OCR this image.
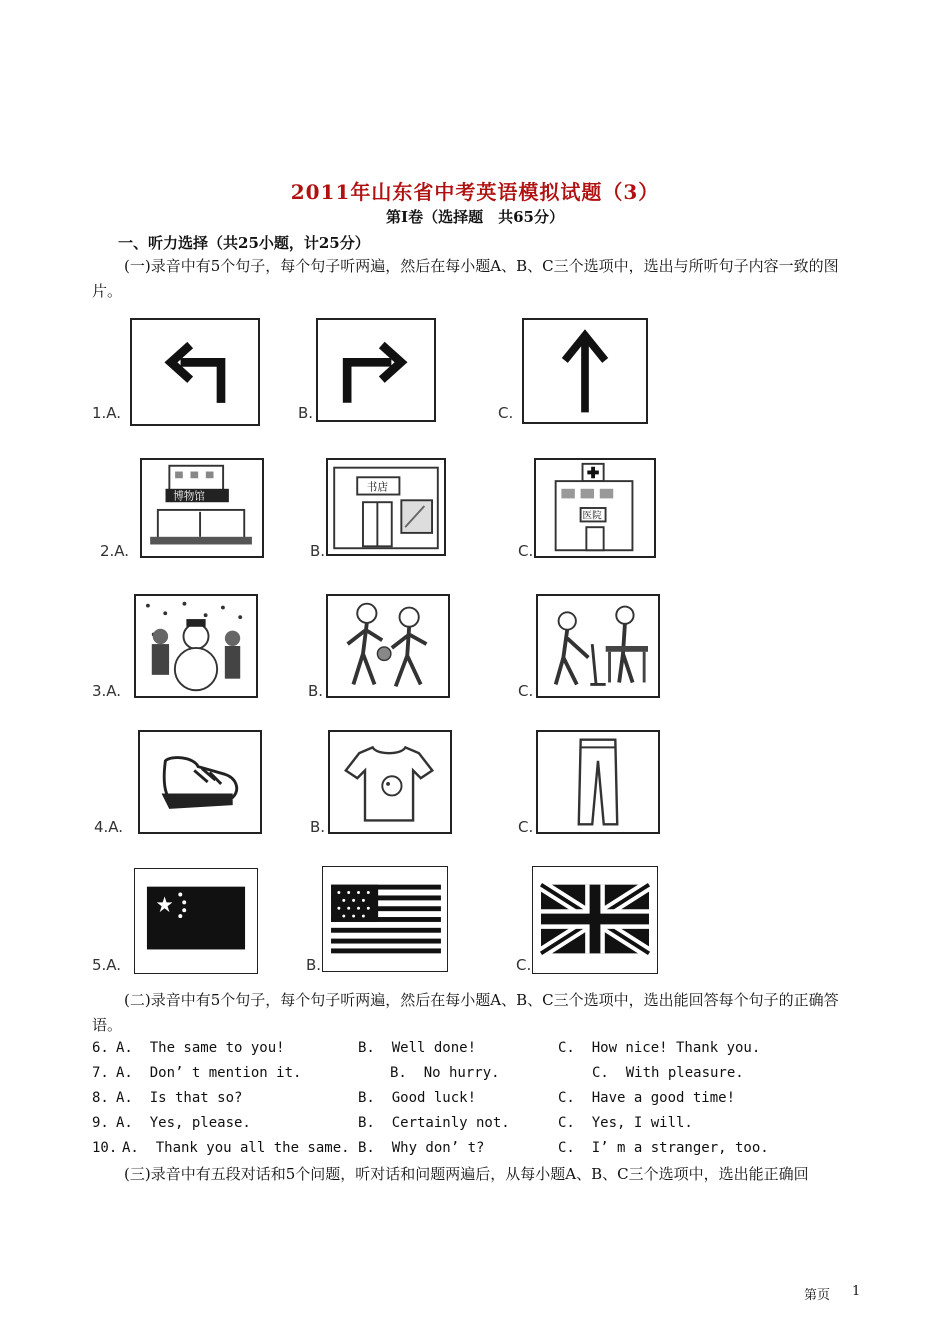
2011年山东省中考英语模拟试题（3）
第Ⅰ卷（选择题　共65分）
一、听力选择（共25小题，计25分）
(一)录音中有5个句子，每个句子听两遍，然后在每小题A、B、C三个选项中，选出与所听句子内容一致的图片。
1.A.	B.	C.
2.A.
博物馆
B.
书店
C.
医院
3.A.	B.	C.
4.A.	B.	C.
5.A.	B.	C.
(二)录音中有5个句子，每个句子听两遍，然后在每小题A、B、C三个选项中，选出能回答每个句子的正确答语。
6. A.  The same to you!	B.  Well done!	C.  How nice! Thank you.
7. A.  Don’ t mention it.	B.  No hurry.	C.  With pleasure.
8. A.  Is that so?	B.  Good luck!	C.  Have a good time!
9. A.  Yes, please.	B.  Certainly not.	C.  Yes, I will.
10. A.  Thank you all the same. B.  Why don’ t?	C.  I’ m a stranger, too.
(三)录音中有五段对话和5个问题，听对话和问题两遍后，从每小题A、B、C三个选项中，选出能正确回
第页 1
